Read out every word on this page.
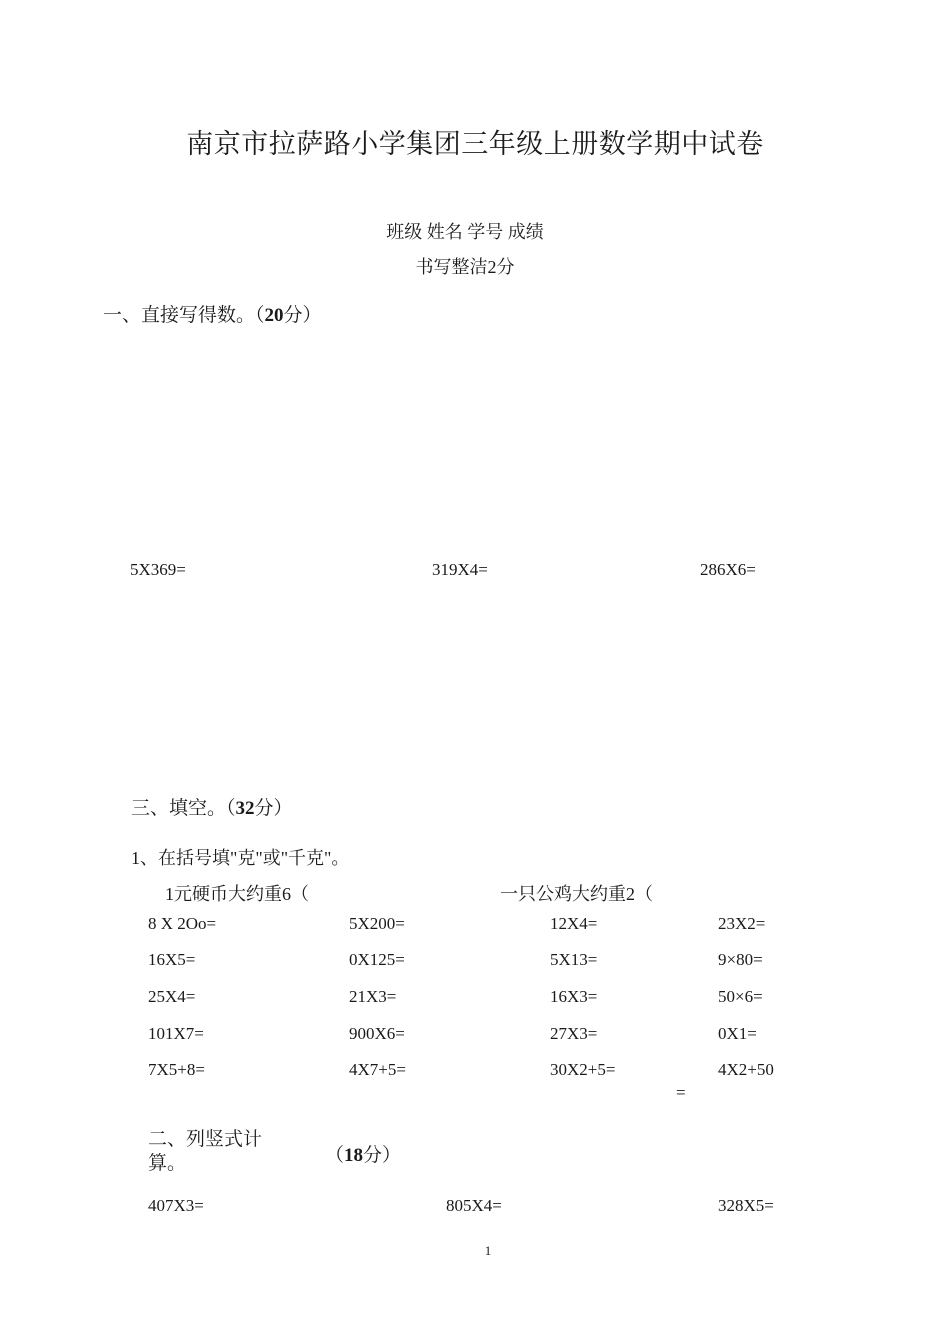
南京市拉萨路小学集团三年级上册数学期中试卷
班级 姓名 学号 成绩
书写整洁2分
一、直接写得数。（20分）
5X369=	319X4=	286X6=
三、填空。（32分）
1、在括号填"克"或"千克"。
1元硬币大约重6（	一只公鸡大约重2（
8 X 2Oo=	5X200=	12X4=	23X2=
16X5=	0X125=	5X13=	9×80=
25X4=	21X3=	16X3=	50×6=
101X7=	900X6=	27X3=	0X1=
7X5+8=	4X7+5=	30X2+5=	4X2+50
=
二、列竖式计
算。	（18分）
407X3=	805X4=	328X5=
1
